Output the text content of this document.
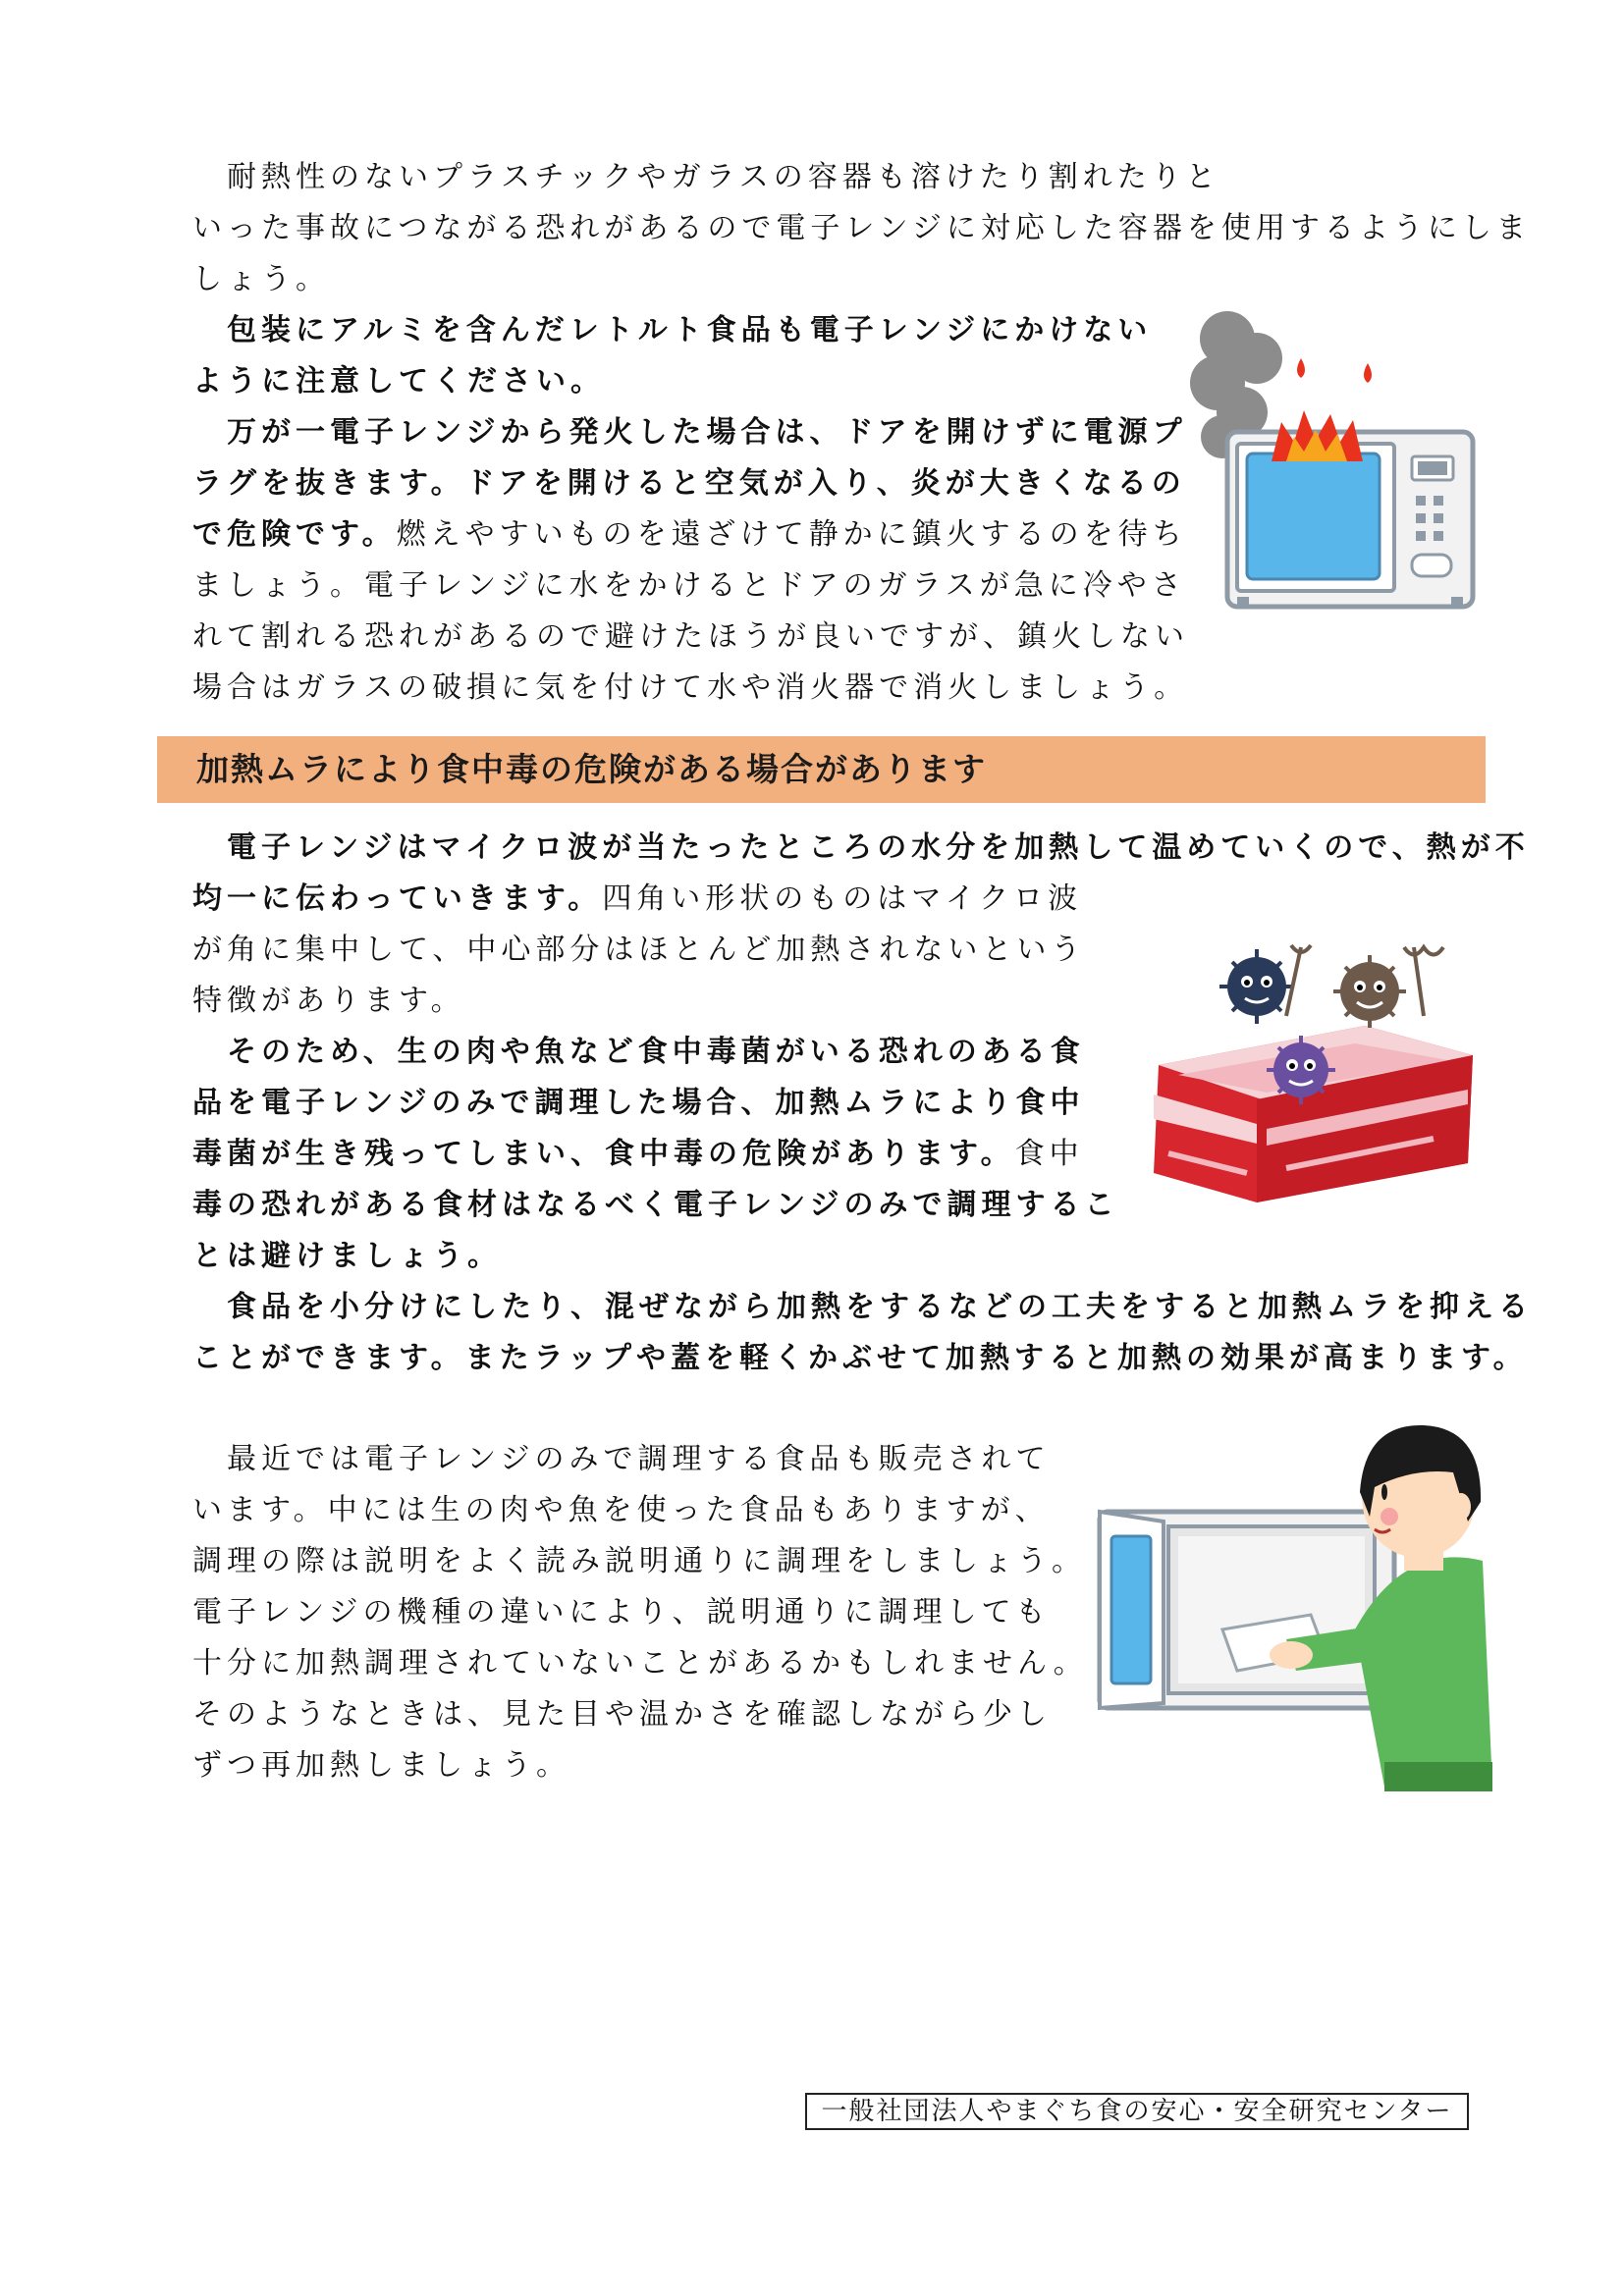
　耐熱性のないプラスチックやガラスの容器も溶けたり割れたりと

いった事故につながる恐れがあるので電子レンジに対応した容器を使用するようにしま

しょう。

　包装にアルミを含んだレトルト食品も電子レンジにかけない

ように注意してください。

　万が一電子レンジから発火した場合は、ドアを開けずに電源プ

ラグを抜きます。ドアを開けると空気が入り、炎が大きくなるの

で危険です。燃えやすいものを遠ざけて静かに鎮火するのを待ち

ましょう。電子レンジに水をかけるとドアのガラスが急に冷やさ

れて割れる恐れがあるので避けたほうが良いですが、鎮火しない

場合はガラスの破損に気を付けて水や消火器で消火しましょう。

加熱ムラにより食中毒の危険がある場合があります

　電子レンジはマイクロ波が当たったところの水分を加熱して温めていくので、熱が不

均一に伝わっていきます。四角い形状のものはマイクロ波

が角に集中して、中心部分はほとんど加熱されないという

特徴があります。

　そのため、生の肉や魚など食中毒菌がいる恐れのある食

品を電子レンジのみで調理した場合、加熱ムラにより食中

毒菌が生き残ってしまい、食中毒の危険があります。食中

毒の恐れがある食材はなるべく電子レンジのみで調理するこ

とは避けましょう。

　食品を小分けにしたり、混ぜながら加熱をするなどの工夫をすると加熱ムラを抑える

ことができます。またラップや蓋を軽くかぶせて加熱すると加熱の効果が高まります。

　最近では電子レンジのみで調理する食品も販売されて

います。中には生の肉や魚を使った食品もありますが、

調理の際は説明をよく読み説明通りに調理をしましょう。

電子レンジの機種の違いにより、説明通りに調理しても

十分に加熱調理されていないことがあるかもしれません。

そのようなときは、見た目や温かさを確認しながら少し

ずつ再加熱しましょう。

一般社団法人やまぐち食の安心・安全研究センター
